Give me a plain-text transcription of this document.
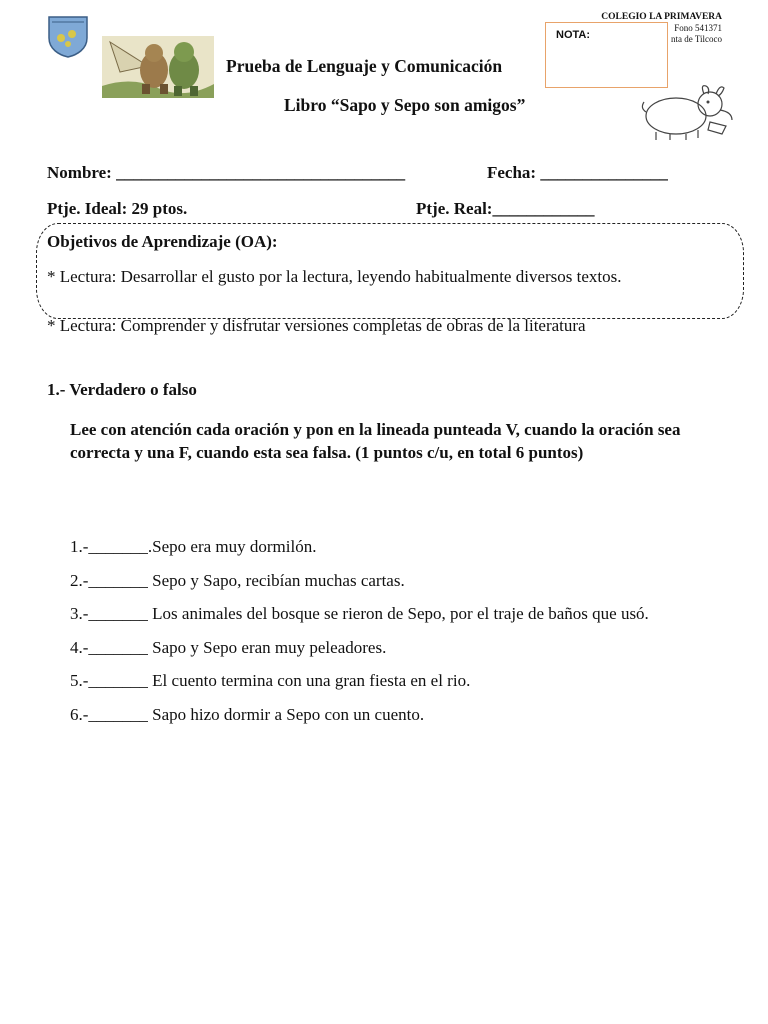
COLEGIO LA PRIMAVERA
Fono 541371
nta de Tilcoco
NOTA:
Prueba de Lenguaje y Comunicación
Libro “Sapo y Sepo son amigos”
Nombre: __________________________________	Fecha: _______________
Ptje. Ideal: 29 ptos.	Ptje. Real:____________
Objetivos de Aprendizaje (OA):
* Lectura: Desarrollar el gusto por la lectura, leyendo habitualmente diversos textos.
* Lectura: Comprender y disfrutar versiones completas de obras de la literatura
1.- Verdadero o falso
Lee con atención cada oración y pon en la lineada punteada V, cuando la oración sea correcta y una F, cuando esta sea falsa. (1 puntos c/u, en total 6 puntos)
1.-_______.Sepo era muy dormilón.
2.-_______ Sepo y Sapo, recibían muchas cartas.
3.-_______ Los animales del bosque se rieron de Sepo, por el traje de baños que usó.
4.-_______ Sapo y Sepo eran muy peleadores.
5.-_______ El cuento termina con una gran fiesta en el rio.
6.-_______ Sapo hizo dormir a Sepo con un cuento.
